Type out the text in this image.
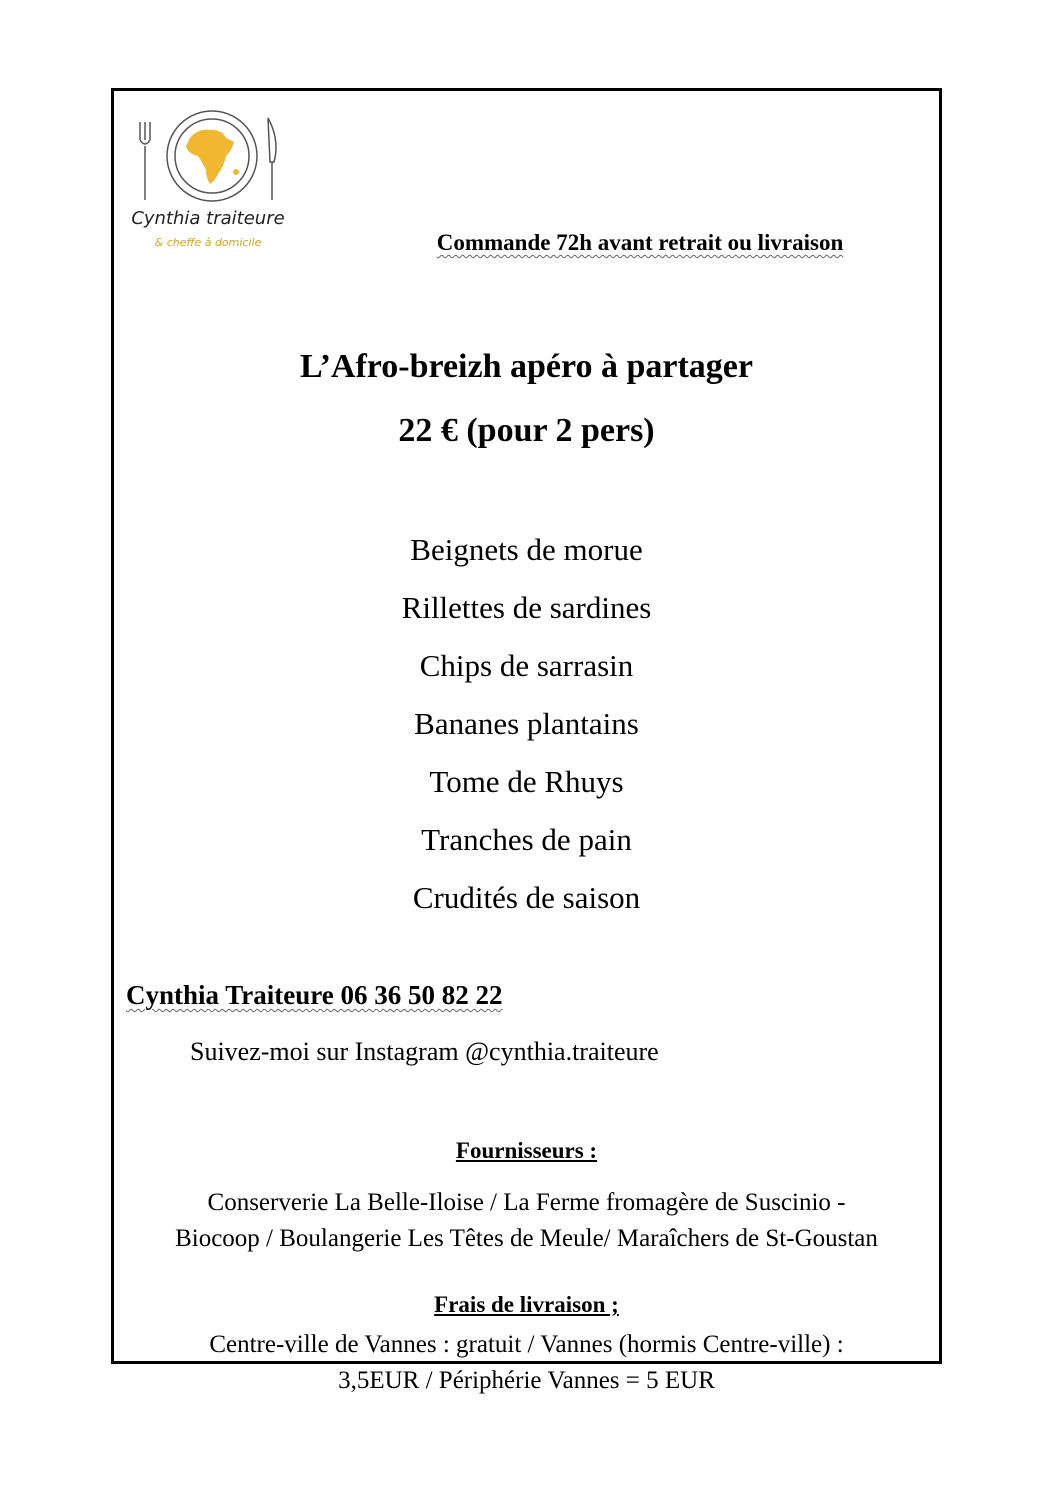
Cynthia traiteure
& cheffe à domicile	Commande 72h avant retrait ou livraison
L’Afro-breizh apéro à partager
22 € (pour 2 pers)
Beignets de morue
Rillettes de sardines
Chips de sarrasin
Bananes plantains
Tome de Rhuys
Tranches de pain
Crudités de saison
Cynthia Traiteure 06 36 50 82 22
Suivez-moi sur Instagram @cynthia.traiteure
Fournisseurs :
Conserverie La Belle-Iloise / La Ferme fromagère de Suscinio -
Biocoop / Boulangerie Les Têtes de Meule/ Maraîchers de St-Goustan
Frais de livraison ;
Centre-ville de Vannes : gratuit / Vannes (hormis Centre-ville) :
3,5EUR / Périphérie Vannes = 5 EUR
